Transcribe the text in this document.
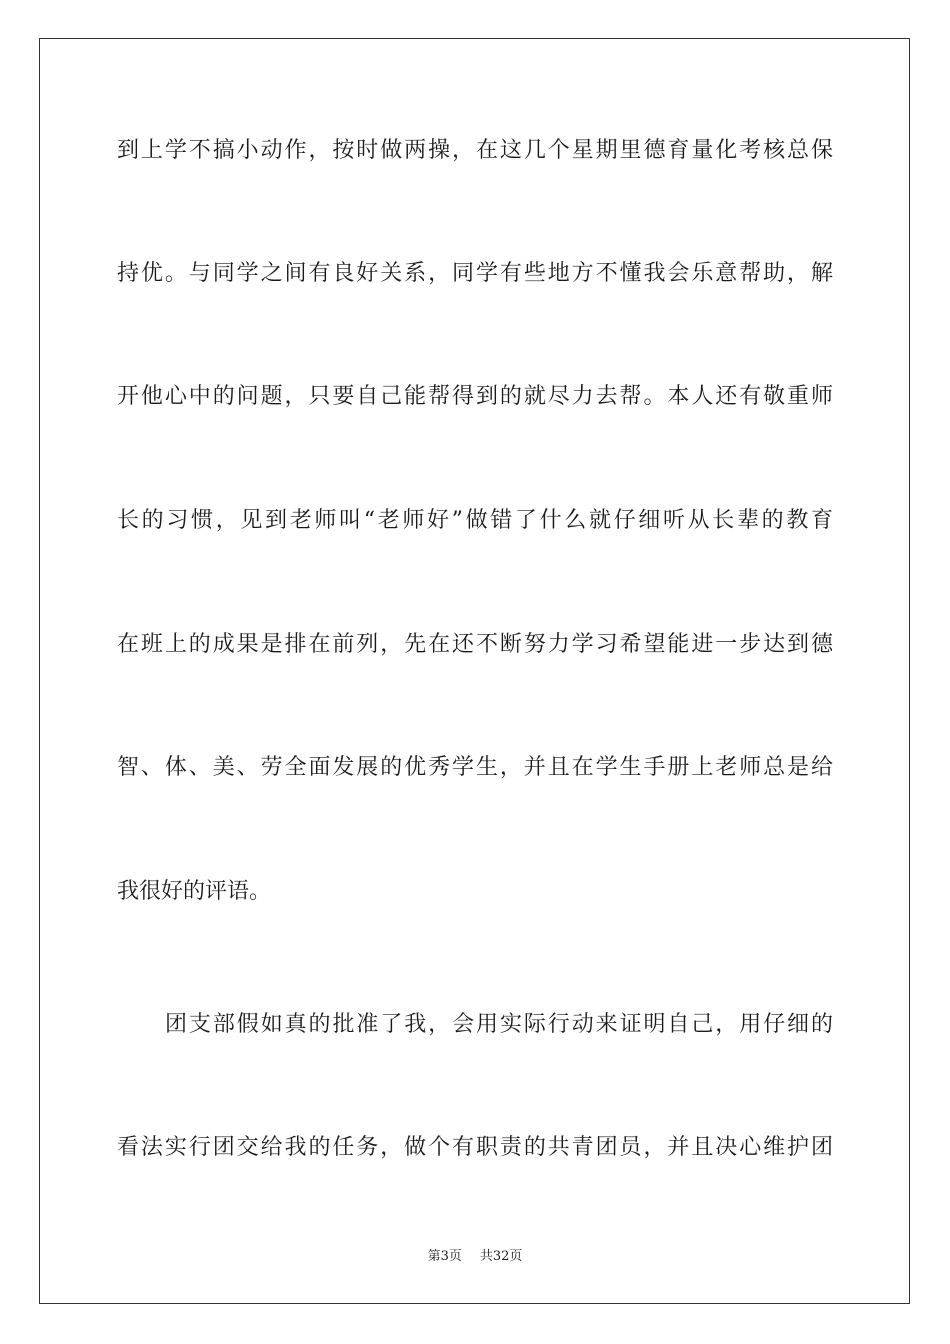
到上学不搞小动作，按时做两操，在这几个星期里德育量化考核总保
持优。与同学之间有良好关系，同学有些地方不懂我会乐意帮助，解
开他心中的问题，只要自己能帮得到的就尽力去帮。本人还有敬重师
长的习惯，见到老师叫“老师好”做错了什么就仔细听从长辈的教育
在班上的成果是排在前列，先在还不断努力学习希望能进一步达到德
智、体、美、劳全面发展的优秀学生，并且在学生手册上老师总是给
我很好的评语。
团支部假如真的批准了我，会用实际行动来证明自己，用仔细的
看法实行团交给我的任务，做个有职责的共青团员，并且决心维护团
第3页 共32页
